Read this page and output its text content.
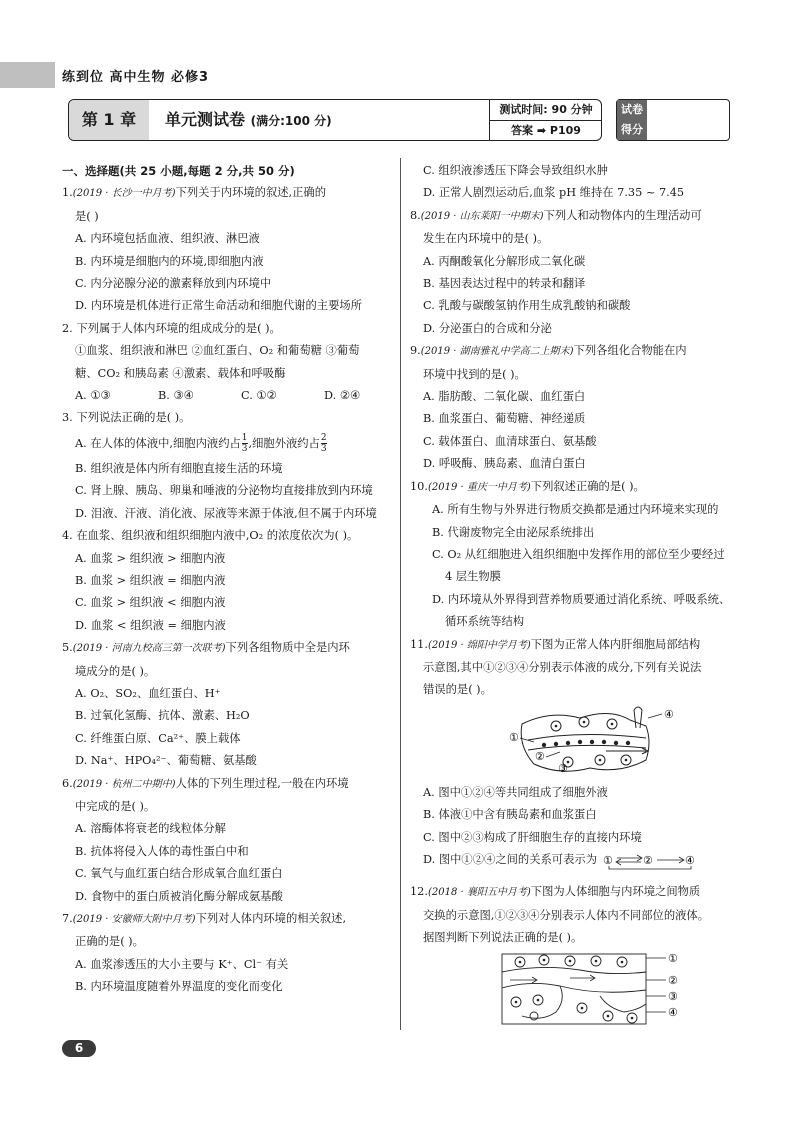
练到位 高中生物 必修3
第 1 章	单元测试卷 (满分:100 分)
测试时间: 90 分钟
答案 ➡ P109
试卷
得分
一、选择题(共 25 小题,每题 2 分,共 50 分)
1.(2019 · 长沙一中月考)下列关于内环境的叙述,正确的
是( )
A. 内环境包括血液、组织液、淋巴液
B. 内环境是细胞内的环境,即细胞内液
C. 内分泌腺分泌的激素释放到内环境中
D. 内环境是机体进行正常生命活动和细胞代谢的主要场所
2. 下列属于人体内环境的组成成分的是( )。
①血浆、组织液和淋巴 ②血红蛋白、O₂ 和葡萄糖 ③葡萄
糖、CO₂ 和胰岛素 ④激素、载体和呼吸酶
A. ①③	B. ③④	C. ①②	D. ②④
3. 下列说法正确的是( )。
A. 在人体的体液中,细胞内液约占 $\frac{1}{3}$ ,细胞外液约占 $\frac{2}{3}$
B. 组织液是体内所有细胞直接生活的环境
C. 肾上腺、胰岛、卵巢和唾液的分泌物均直接排放到内环境
D. 泪液、汗液、消化液、尿液等来源于体液,但不属于内环境
4. 在血浆、组织液和组织细胞内液中,O₂ 的浓度依次为( )。
A. 血浆 > 组织液 > 细胞内液
B. 血浆 > 组织液 = 细胞内液
C. 血浆 > 组织液 < 细胞内液
D. 血浆 < 组织液 = 细胞内液
5.(2019 · 河南九校高三第一次联考)下列各组物质中全是内环
境成分的是( )。
A. O₂、SO₂、血红蛋白、H⁺
B. 过氧化氢酶、抗体、激素、H₂O
C. 纤维蛋白原、Ca²⁺、膜上载体
D. Na⁺、HPO₄²⁻、葡萄糖、氨基酸
6.(2019 · 杭州二中期中)人体的下列生理过程,一般在内环境
中完成的是( )。
A. 溶酶体将衰老的线粒体分解
B. 抗体将侵入人体的毒性蛋白中和
C. 氧气与血红蛋白结合形成氧合血红蛋白
D. 食物中的蛋白质被消化酶分解成氨基酸
7.(2019 · 安徽师大附中月考)下列对人体内环境的相关叙述,
正确的是( )。
A. 血浆渗透压的大小主要与 K⁺、Cl⁻ 有关
B. 内环境温度随着外界温度的变化而变化
C. 组织液渗透压下降会导致组织水肿
D. 正常人剧烈运动后,血浆 pH 维持在 7.35 ~ 7.45
8.(2019 · 山东莱阳一中期末)下列人和动物体内的生理活动可
发生在内环境中的是( )。
A. 丙酮酸氧化分解形成二氧化碳
B. 基因表达过程中的转录和翻译
C. 乳酸与碳酸氢钠作用生成乳酸钠和碳酸
D. 分泌蛋白的合成和分泌
9.(2019 · 湖南雅礼中学高二上期末)下列各组化合物能在内
环境中找到的是( )。
A. 脂肪酸、二氧化碳、血红蛋白
B. 血浆蛋白、葡萄糖、神经递质
C. 载体蛋白、血清球蛋白、氨基酸
D. 呼吸酶、胰岛素、血清白蛋白
10.(2019 · 重庆一中月考)下列叙述正确的是( )。
A. 所有生物与外界进行物质交换都是通过内环境来实现的
B. 代谢废物完全由泌尿系统排出
C. O₂ 从红细胞进入组织细胞中发挥作用的部位至少要经过
4 层生物膜
D. 内环境从外界得到营养物质要通过消化系统、呼吸系统、
循环系统等结构
11.(2019 · 绵阳中学月考)下图为正常人体内肝细胞局部结构
示意图,其中①②③④分别表示体液的成分,下列有关说法
错误的是( )。
①
②
③
④
A. 图中①②④等共同组成了细胞外液
B. 体液①中含有胰岛素和血浆蛋白
C. 图中②③构成了肝细胞生存的直接内环境
D. 图中①②④之间的关系可表示为 ①	②	④
12.(2018 · 襄阳五中月考)下图为人体细胞与内环境之间物质
交换的示意图,①②③④分别表示人体内不同部位的液体。
据图判断下列说法正确的是( )。
①
②
③
④
6
